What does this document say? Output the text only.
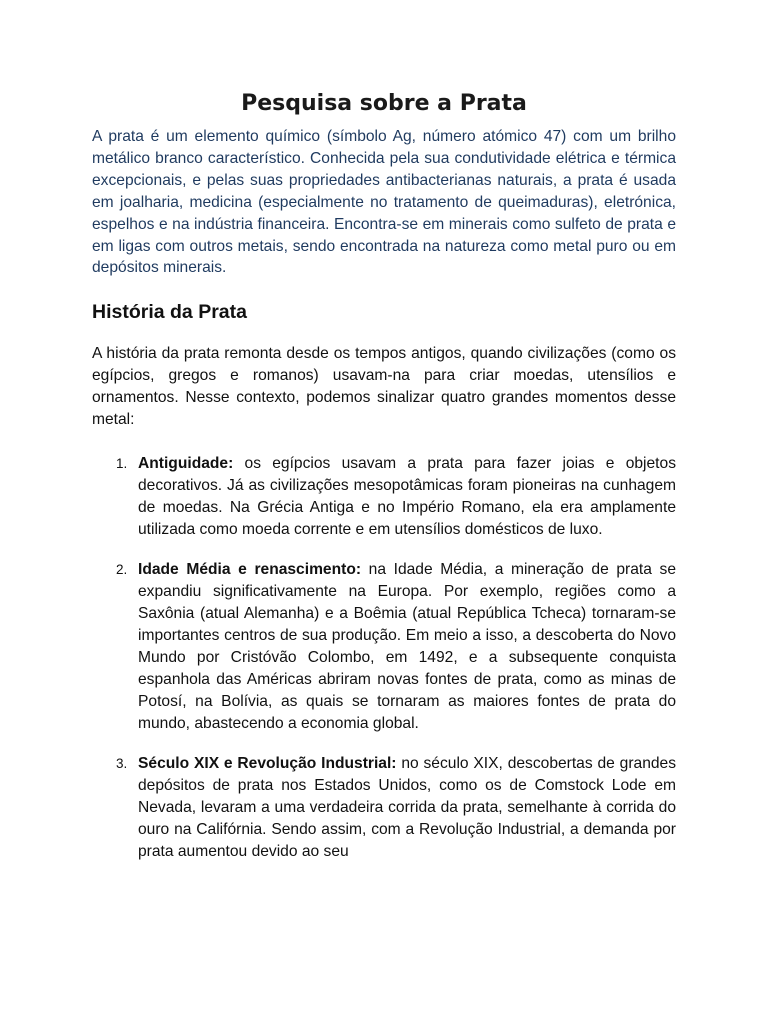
Pesquisa sobre a Prata

A prata é um elemento químico (símbolo Ag, número atómico 47) com um brilho metálico branco característico. Conhecida pela sua condutividade elétrica e térmica excepcionais, e pelas suas propriedades antibacterianas naturais, a prata é usada em joalharia, medicina (especialmente no tratamento de queimaduras), eletrónica, espelhos e na indústria financeira. Encontra-se em minerais como sulfeto de prata e em ligas com outros metais, sendo encontrada na natureza como metal puro ou em depósitos minerais.

História da Prata

A história da prata remonta desde os tempos antigos, quando civilizações (como os egípcios, gregos e romanos) usavam-na para criar moedas, utensílios e ornamentos. Nesse contexto, podemos sinalizar quatro grandes momentos desse metal:

1. Antiguidade: os egípcios usavam a prata para fazer joias e objetos decorativos. Já as civilizações mesopotâmicas foram pioneiras na cunhagem de moedas. Na Grécia Antiga e no Império Romano, ela era amplamente utilizada como moeda corrente e em utensílios domésticos de luxo.
2. Idade Média e renascimento: na Idade Média, a mineração de prata se expandiu significativamente na Europa. Por exemplo, regiões como a Saxônia (atual Alemanha) e a Boêmia (atual República Tcheca) tornaram-se importantes centros de sua produção. Em meio a isso, a descoberta do Novo Mundo por Cristóvão Colombo, em 1492, e a subsequente conquista espanhola das Américas abriram novas fontes de prata, como as minas de Potosí, na Bolívia, as quais se tornaram as maiores fontes de prata do mundo, abastecendo a economia global.
3. Século XIX e Revolução Industrial: no século XIX, descobertas de grandes depósitos de prata nos Estados Unidos, como os de Comstock Lode em Nevada, levaram a uma verdadeira corrida da prata, semelhante à corrida do ouro na Califórnia. Sendo assim, com a Revolução Industrial, a demanda por prata aumentou devido ao seu
